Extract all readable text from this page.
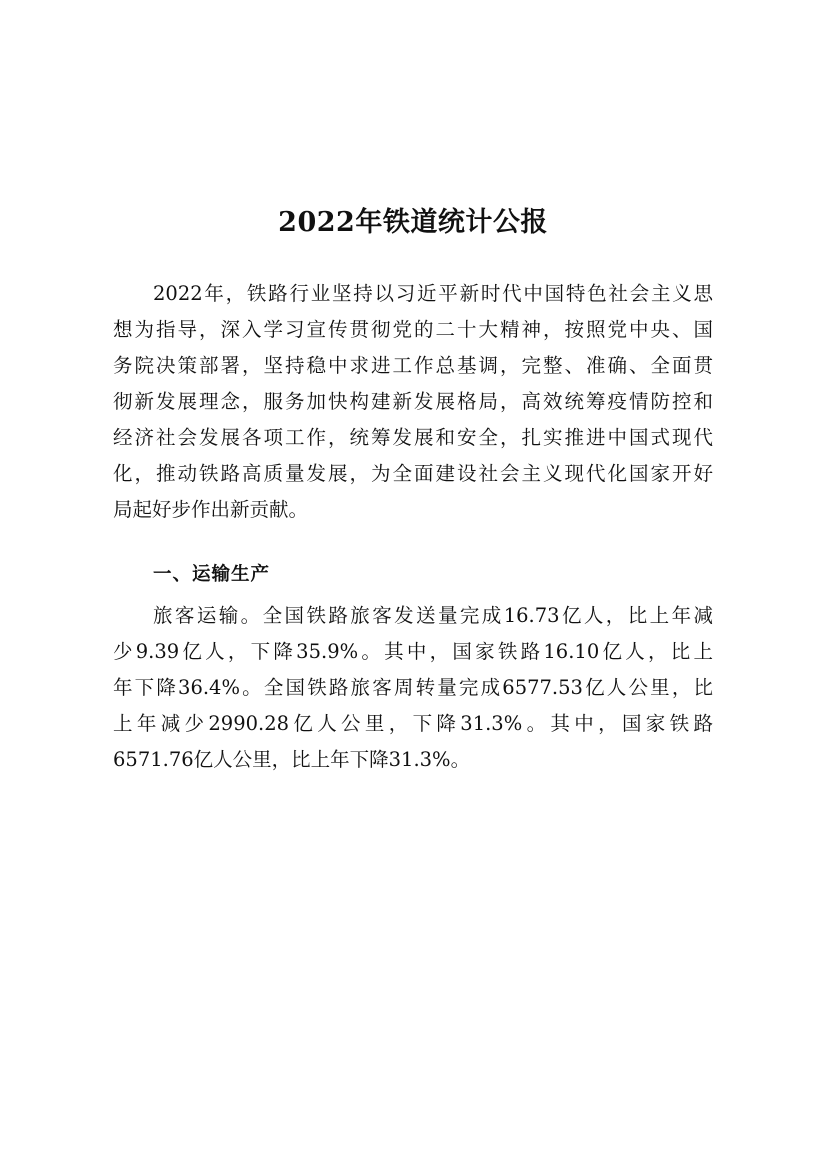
2022年铁道统计公报
2022年，铁路行业坚持以习近平新时代中国特色社会主义思
想为指导，深入学习宣传贯彻党的二十大精神，按照党中央、国
务院决策部署，坚持稳中求进工作总基调，完整、准确、全面贯
彻新发展理念，服务加快构建新发展格局，高效统筹疫情防控和
经济社会发展各项工作，统筹发展和安全，扎实推进中国式现代
化，推动铁路高质量发展，为全面建设社会主义现代化国家开好
局起好步作出新贡献。
一、运输生产
旅客运输。全国铁路旅客发送量完成16.73亿人，比上年减
少9.39亿人，下降35.9%。其中，国家铁路16.10亿人，比上
年下降36.4%。全国铁路旅客周转量完成6577.53亿人公里，比
上年减少2990.28亿人公里，下降31.3%。其中，国家铁路
6571.76亿人公里，比上年下降31.3%。
